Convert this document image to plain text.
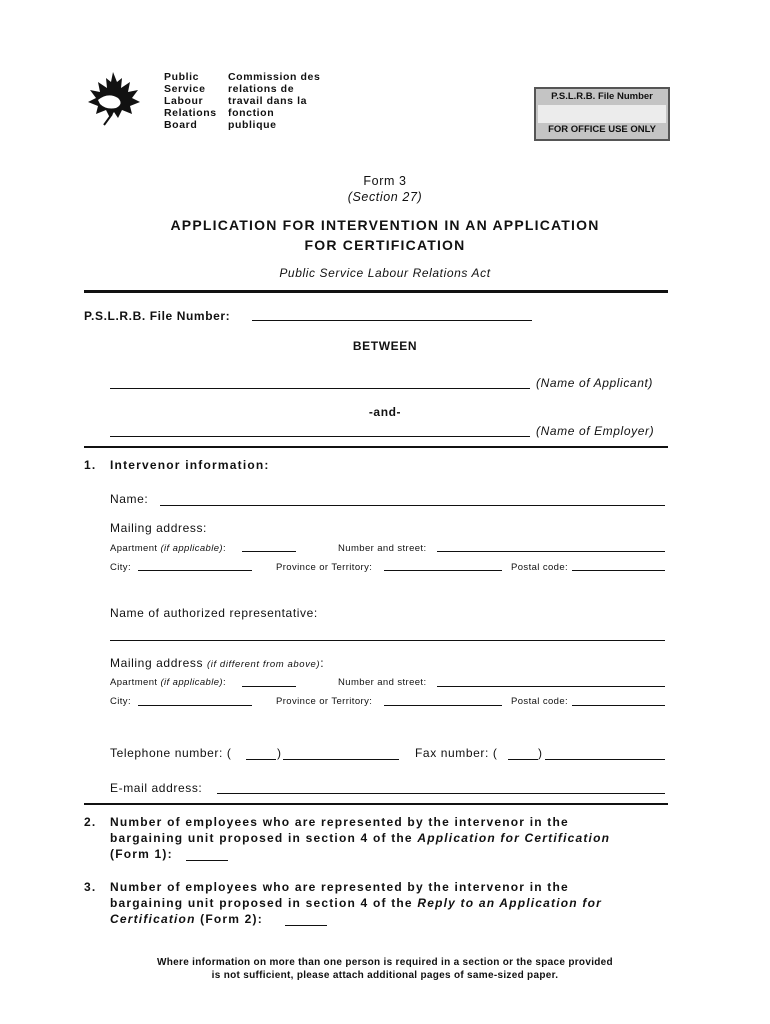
Public
Service
Labour
Relations
Board
Commission des
relations de
travail dans la
fonction
publique
P.S.L.R.B. File Number
FOR OFFICE USE ONLY
Form 3
(Section 27)
APPLICATION FOR INTERVENTION IN AN APPLICATION
FOR CERTIFICATION
Public Service Labour Relations Act
P.S.L.R.B. File Number:
BETWEEN
(Name of Applicant)
-and-
(Name of Employer)
1. Intervenor information:
Name:
Mailing address:
Apartment (if applicable):	Number and street:
City:	Province or Territory:	Postal code:
Name of authorized representative:
Mailing address (if different from above):
Apartment (if applicable):	Number and street:
City:	Province or Territory:	Postal code:
Telephone number: (	)	Fax number: (	)
E-mail address:
2. Number of employees who are represented by the intervenor in the
bargaining unit proposed in section 4 of the Application for Certification
(Form 1):
3. Number of employees who are represented by the intervenor in the
bargaining unit proposed in section 4 of the Reply to an Application for
Certification (Form 2):
Where information on more than one person is required in a section or the space provided
is not sufficient, please attach additional pages of same-sized paper.
